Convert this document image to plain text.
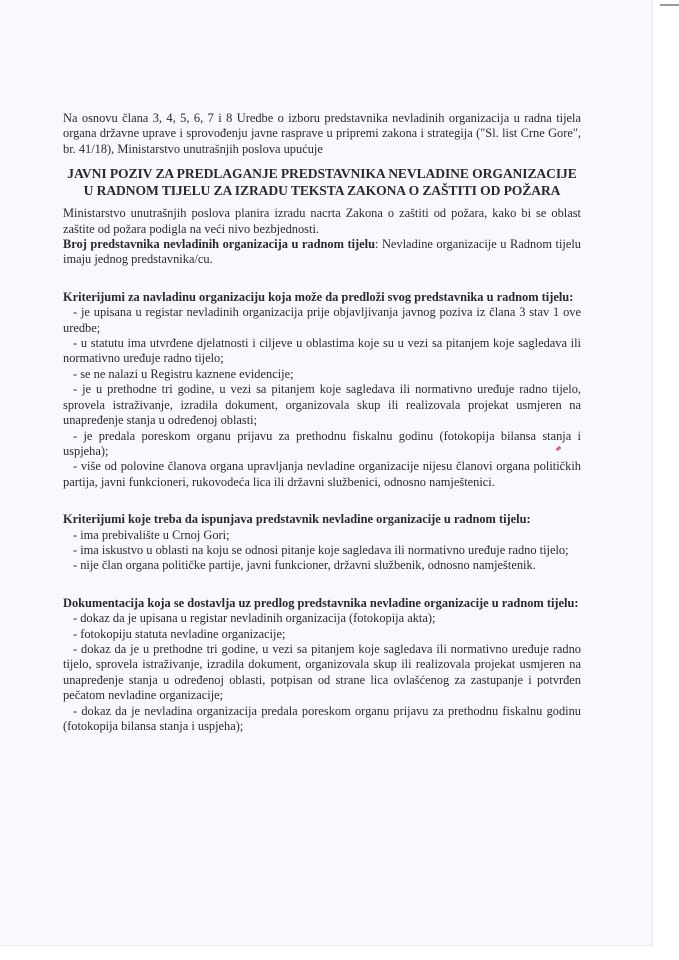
Na osnovu člana 3, 4, 5, 6, 7 i 8 Uredbe o izboru predstavnika nevladinih organizacija u radna tijela organa državne uprave i sprovođenju javne rasprave u pripremi zakona i strategija ("Sl. list Crne Gore", br. 41/18), Ministarstvo unutrašnjih poslova upućuje

JAVNI POZIV ZA PREDLAGANJE PREDSTAVNIKA NEVLADINE ORGANIZACIJE
U RADNOM TIJELU ZA IZRADU TEKSTA ZAKONA O ZAŠTITI OD POŽARA

Ministarstvo unutrašnjih poslova planira izradu nacrta Zakona o zaštiti od požara, kako bi se oblast zaštite od požara podigla na veći nivo bezbjednosti.

Broj predstavnika nevladinih organizacija u radnom tijelu: Nevladine organizacije u Radnom tijelu imaju jednog predstavnika/cu.

Kriterijumi za navladinu organizaciju koja može da predloži svog predstavnika u radnom tijelu:

- je upisana u registar nevladinih organizacija prije objavljivanja javnog poziva iz člana 3 stav 1 ove uredbe;

- u statutu ima utvrđene djelatnosti i ciljeve u oblastima koje su u vezi sa pitanjem koje sagledava ili normativno uređuje radno tijelo;

- se ne nalazi u Registru kaznene evidencije;

- je u prethodne tri godine, u vezi sa pitanjem koje sagledava ili normativno uređuje radno tijelo, sprovela istraživanje, izradila dokument, organizovala skup ili realizovala projekat usmjeren na unapređenje stanja u određenoj oblasti;

- je predala poreskom organu prijavu za prethodnu fiskalnu godinu (fotokopija bilansa stanja i uspjeha);

- više od polovine članova organa upravljanja nevladine organizacije nijesu članovi organa političkih partija, javni funkcioneri, rukovodeća lica ili državni službenici, odnosno namještenici.

Kriterijumi koje treba da ispunjava predstavnik nevladine organizacije u radnom tijelu:

- ima prebivalište u Crnoj Gori;

- ima iskustvo u oblasti na koju se odnosi pitanje koje sagledava ili normativno uređuje radno tijelo;

- nije član organa političke partije, javni funkcioner, državni službenik, odnosno namještenik.

Dokumentacija koja se dostavlja uz predlog predstavnika nevladine organizacije u radnom tijelu:

- dokaz da je upisana u registar nevladinih organizacija (fotokopija akta);

- fotokopiju statuta nevladine organizacije;

- dokaz da je u prethodne tri godine, u vezi sa pitanjem koje sagledava ili normativno uređuje radno tijelo, sprovela istraživanje, izradila dokument, organizovala skup ili realizovala projekat usmjeren na unapređenje stanja u određenoj oblasti, potpisan od strane lica ovlašćenog za zastupanje i potvrđen pečatom nevladine organizacije;

- dokaz da je nevladina organizacija predala poreskom organu prijavu za prethodnu fiskalnu godinu (fotokopija bilansa stanja i uspjeha);
